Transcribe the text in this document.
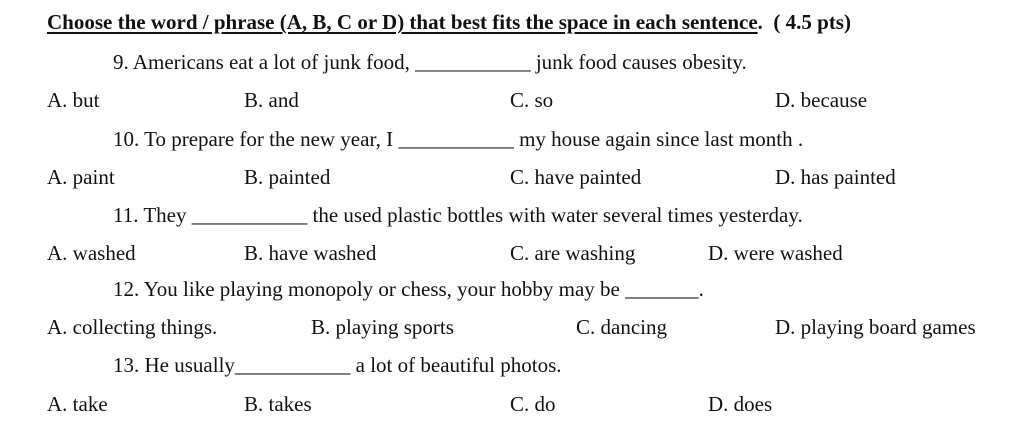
Choose the word / phrase (A, B, C or D) that best fits the space in each sentence. ( 4.5 pts)
9. Americans eat a lot of junk food, ___________ junk food causes obesity.
A. but	B. and	C. so	D. because
10. To prepare for the new year, I ___________ my house again since last month .
A. paint	B. painted	C. have painted	D. has painted
11. They ___________ the used plastic bottles with water several times yesterday.
A. washed	B. have washed	C. are washing	D. were washed
12. You like playing monopoly or chess, your hobby may be _______.
A. collecting things.	B. playing sports	C. dancing	D. playing board games
13. He usually___________ a lot of beautiful photos.
A. take	B. takes	C. do	D. does
